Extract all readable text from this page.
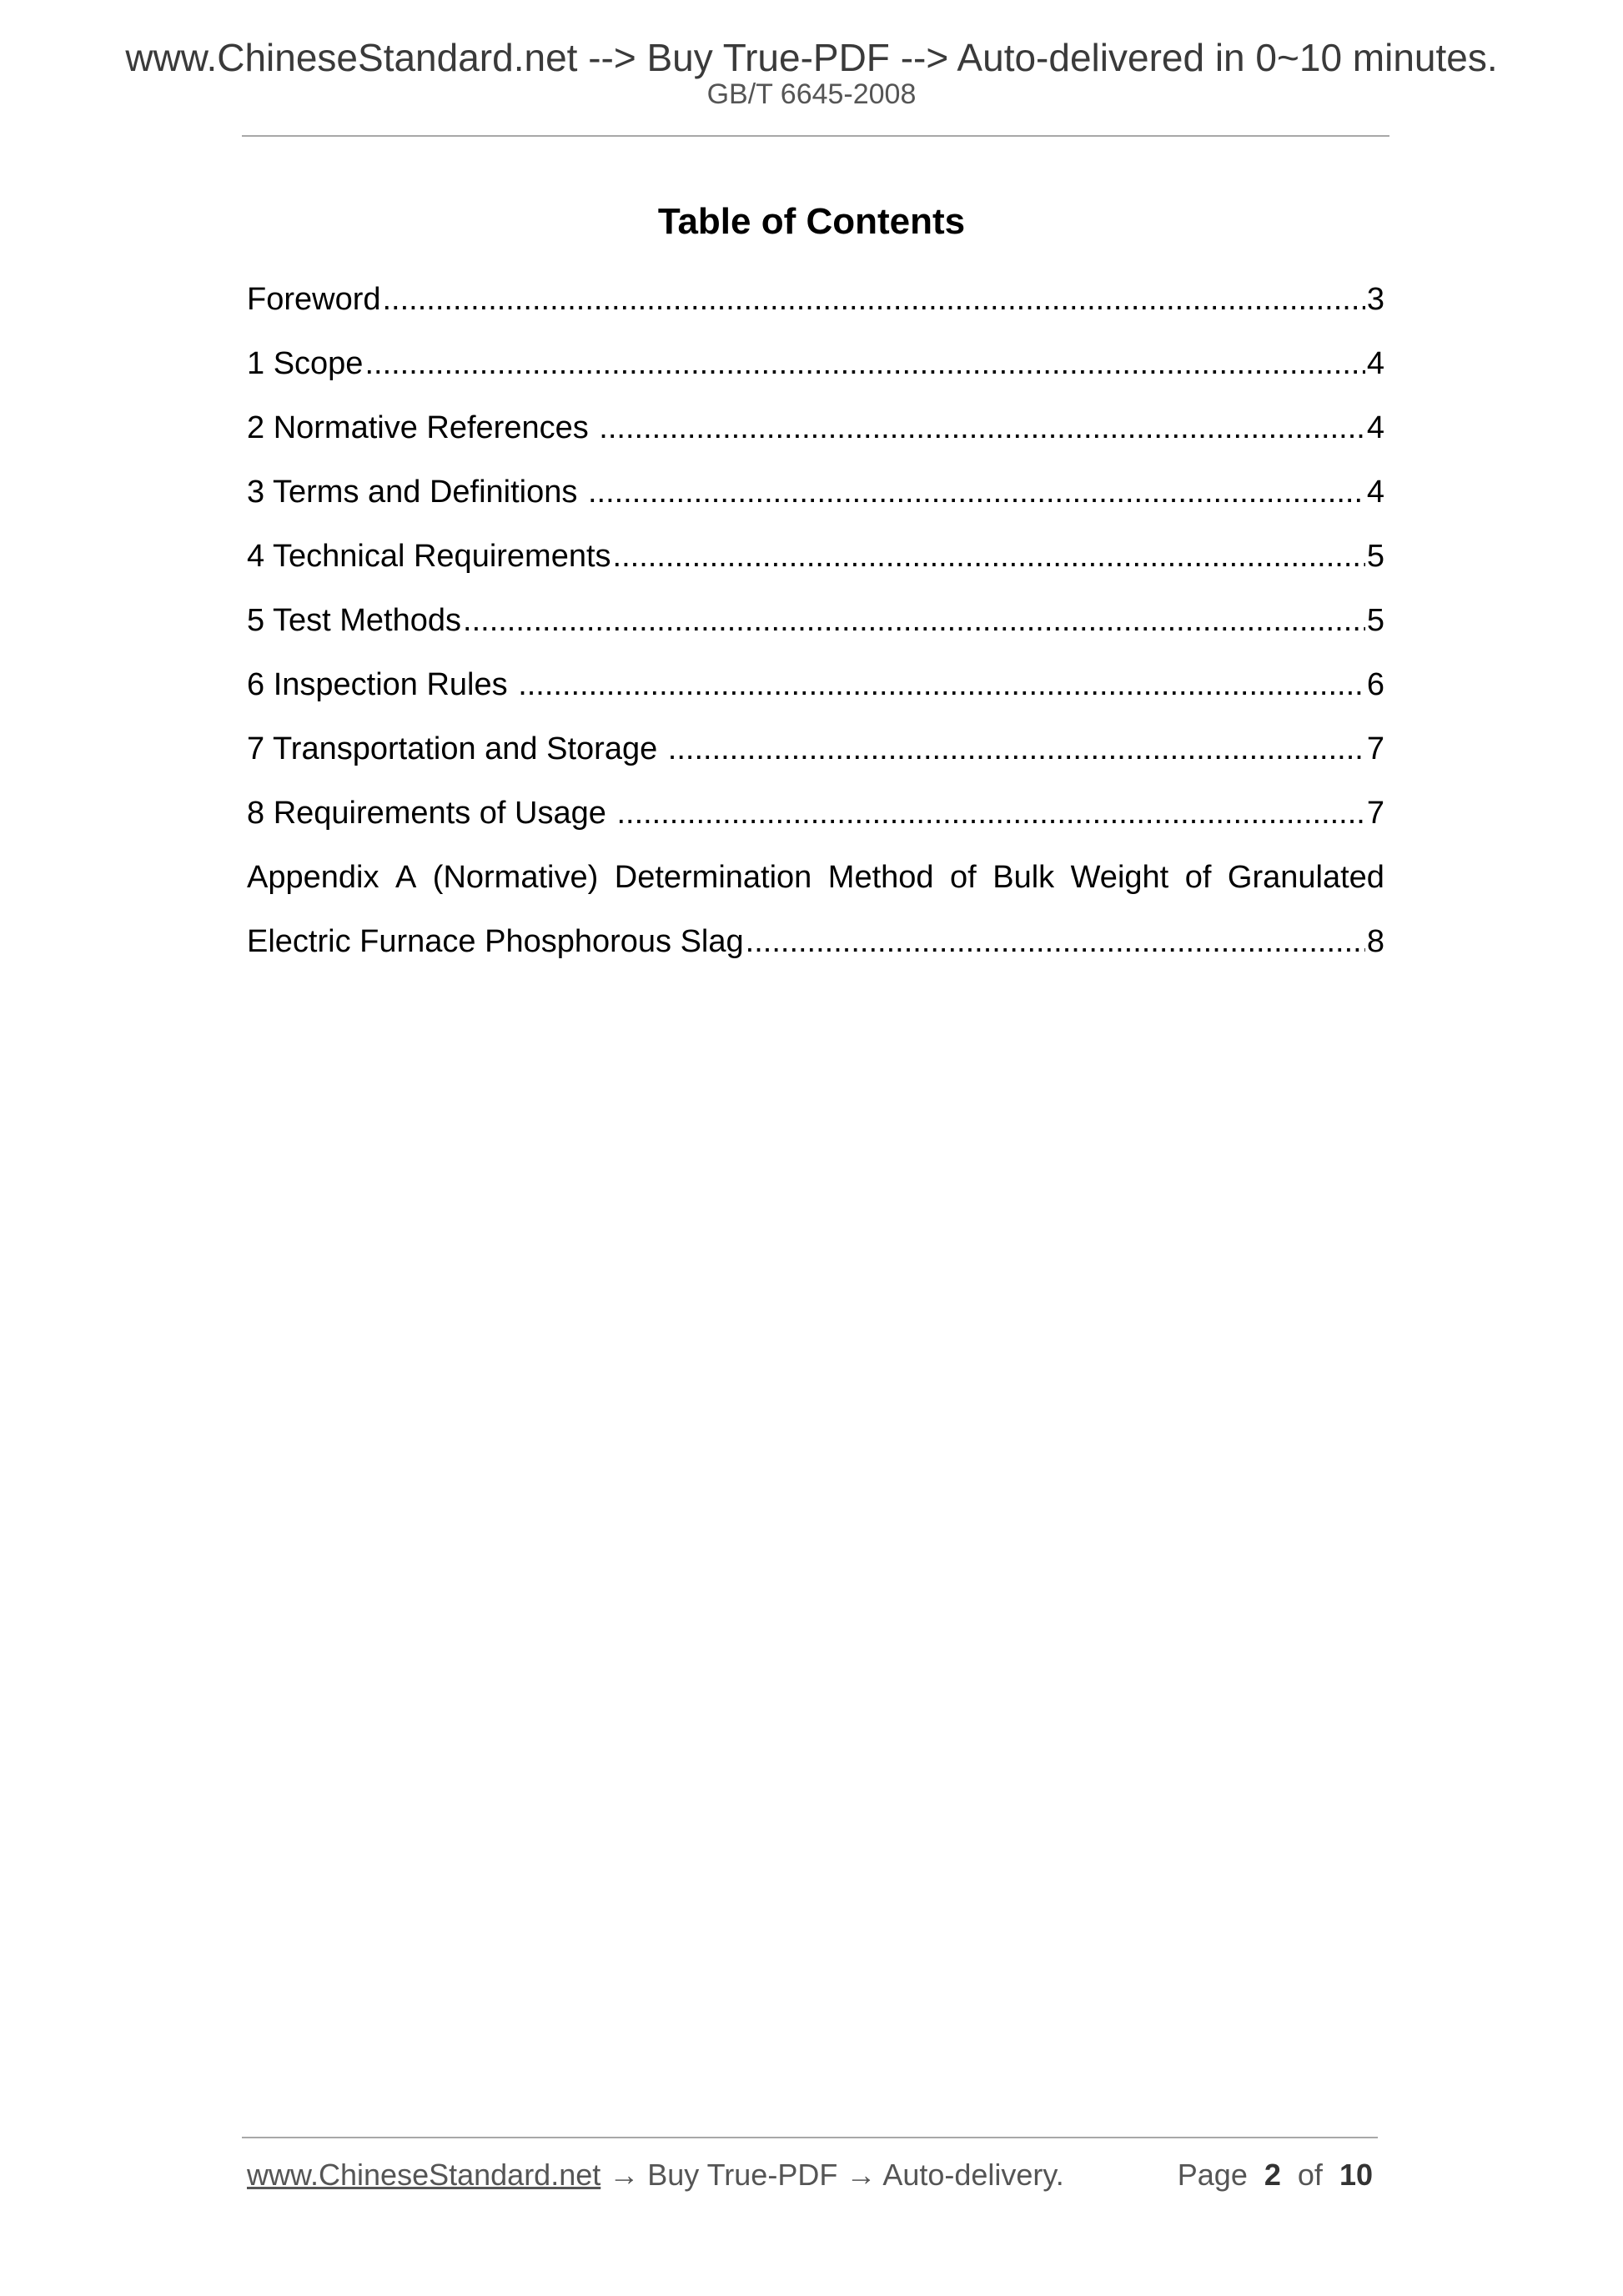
www.ChineseStandard.net --> Buy True-PDF --> Auto-delivered in 0~10 minutes.
GB/T 6645-2008
Table of Contents
Foreword .....	3
1 Scope .....	4
2 Normative References .....	4
3 Terms and Definitions .....	4
4 Technical Requirements .....	5
5 Test Methods .....	5
6 Inspection Rules .....	6
7 Transportation and Storage .....	7
8 Requirements of Usage .....	7
Appendix A (Normative) Determination Method of Bulk Weight of Granulated
Electric Furnace Phosphorous Slag .....	8
www.ChineseStandard.net → Buy True-PDF → Auto-delivery.	Page 2 of 10
